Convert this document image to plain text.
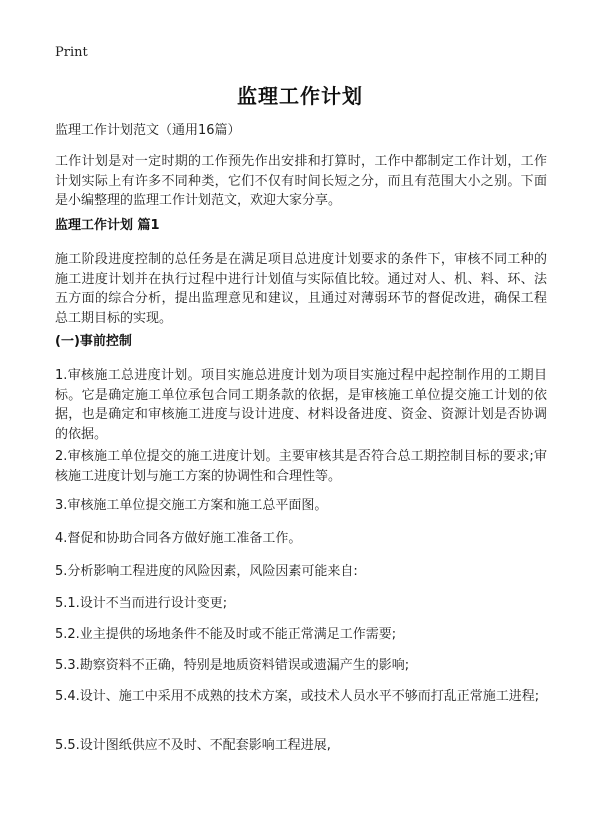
Print
监理工作计划
监理工作计划范文（通用16篇）
工作计划是对一定时期的工作预先作出安排和打算时，工作中都制定工作计划，工作计划实际上有许多不同种类，它们不仅有时间长短之分，而且有范围大小之别。下面是小编整理的监理工作计划范文，欢迎大家分享。
监理工作计划 篇1
施工阶段进度控制的总任务是在满足项目总进度计划要求的条件下，审核不同工种的施工进度计划并在执行过程中进行计划值与实际值比较。通过对人、机、料、环、法五方面的综合分析，提出监理意见和建议，且通过对薄弱环节的督促改进，确保工程总工期目标的实现。
(一)事前控制
1.审核施工总进度计划。项目实施总进度计划为项目实施过程中起控制作用的工期目标。它是确定施工单位承包合同工期条款的依据，是审核施工单位提交施工计划的依据，也是确定和审核施工进度与设计进度、材料设备进度、资金、资源计划是否协调的依据。
2.审核施工单位提交的施工进度计划。主要审核其是否符合总工期控制目标的要求;审核施工进度计划与施工方案的协调性和合理性等。
3.审核施工单位提交施工方案和施工总平面图。
4.督促和协助合同各方做好施工准备工作。
5.分析影响工程进度的风险因素，风险因素可能来自:
5.1.设计不当而进行设计变更;
5.2.业主提供的场地条件不能及时或不能正常满足工作需要;
5.3.勘察资料不正确，特别是地质资料错误或遗漏产生的影响;
5.4.设计、施工中采用不成熟的技术方案，或技术人员水平不够而打乱正常施工进程;
5.5.设计图纸供应不及时、不配套影响工程进展,
